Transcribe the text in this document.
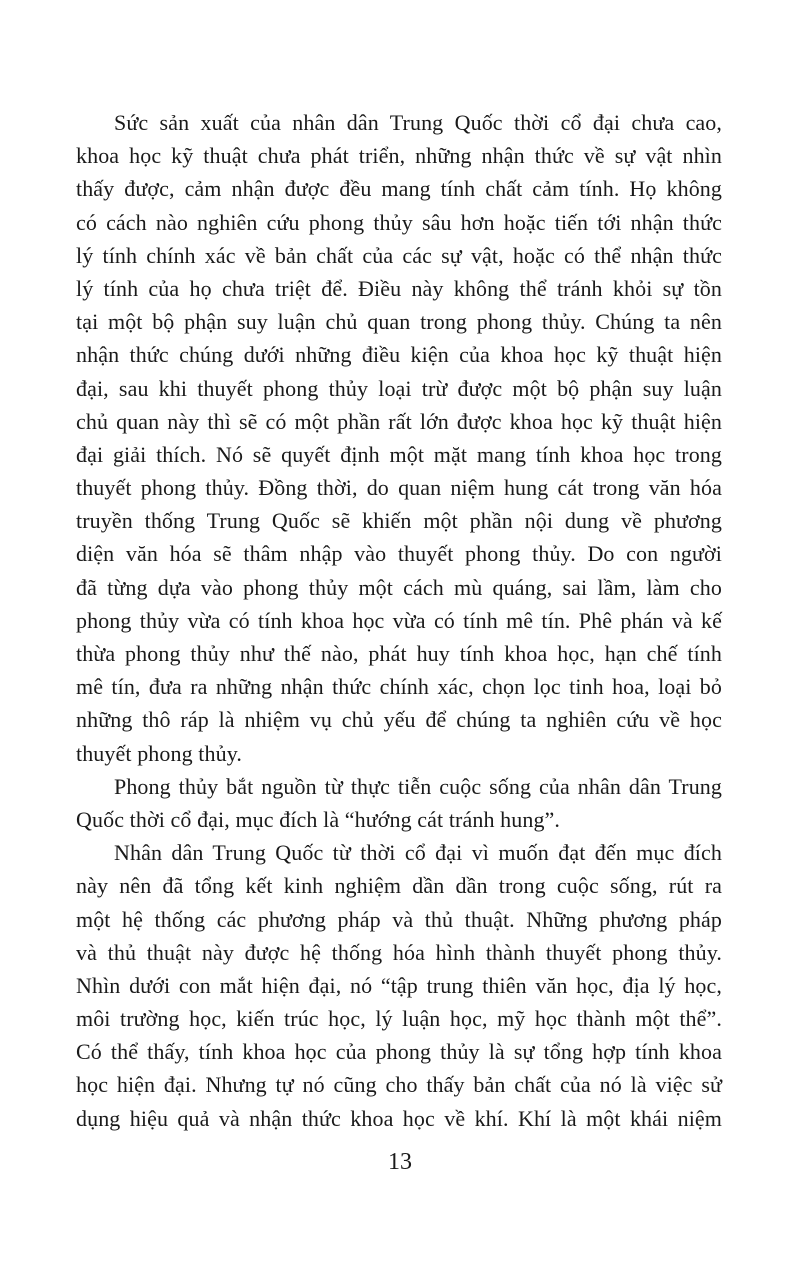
Sức sản xuất của nhân dân Trung Quốc thời cổ đại chưa cao,
khoa học kỹ thuật chưa phát triển, những nhận thức về sự vật nhìn
thấy được, cảm nhận được đều mang tính chất cảm tính. Họ không
có cách nào nghiên cứu phong thủy sâu hơn hoặc tiến tới nhận thức
lý tính chính xác về bản chất của các sự vật, hoặc có thể nhận thức
lý tính của họ chưa triệt để. Điều này không thể tránh khỏi sự tồn
tại một bộ phận suy luận chủ quan trong phong thủy. Chúng ta nên
nhận thức chúng dưới những điều kiện của khoa học kỹ thuật hiện
đại, sau khi thuyết phong thủy loại trừ được một bộ phận suy luận
chủ quan này thì sẽ có một phần rất lớn được khoa học kỹ thuật hiện
đại giải thích. Nó sẽ quyết định một mặt mang tính khoa học trong
thuyết phong thủy. Đồng thời, do quan niệm hung cát trong văn hóa
truyền thống Trung Quốc sẽ khiến một phần nội dung về phương
diện văn hóa sẽ thâm nhập vào thuyết phong thủy. Do con người
đã từng dựa vào phong thủy một cách mù quáng, sai lầm, làm cho
phong thủy vừa có tính khoa học vừa có tính mê tín. Phê phán và kế
thừa phong thủy như thế nào, phát huy tính khoa học, hạn chế tính
mê tín, đưa ra những nhận thức chính xác, chọn lọc tinh hoa, loại bỏ
những thô ráp là nhiệm vụ chủ yếu để chúng ta nghiên cứu về học
thuyết phong thủy.
Phong thủy bắt nguồn từ thực tiễn cuộc sống của nhân dân Trung
Quốc thời cổ đại, mục đích là “hướng cát tránh hung”.
Nhân dân Trung Quốc từ thời cổ đại vì muốn đạt đến mục đích
này nên đã tổng kết kinh nghiệm dần dần trong cuộc sống, rút ra
một hệ thống các phương pháp và thủ thuật. Những phương pháp
và thủ thuật này được hệ thống hóa hình thành thuyết phong thủy.
Nhìn dưới con mắt hiện đại, nó “tập trung thiên văn học, địa lý học,
môi trường học, kiến trúc học, lý luận học, mỹ học thành một thể”.
Có thể thấy, tính khoa học của phong thủy là sự tổng hợp tính khoa
học hiện đại. Nhưng tự nó cũng cho thấy bản chất của nó là việc sử
dụng hiệu quả và nhận thức khoa học về khí. Khí là một khái niệm
13
